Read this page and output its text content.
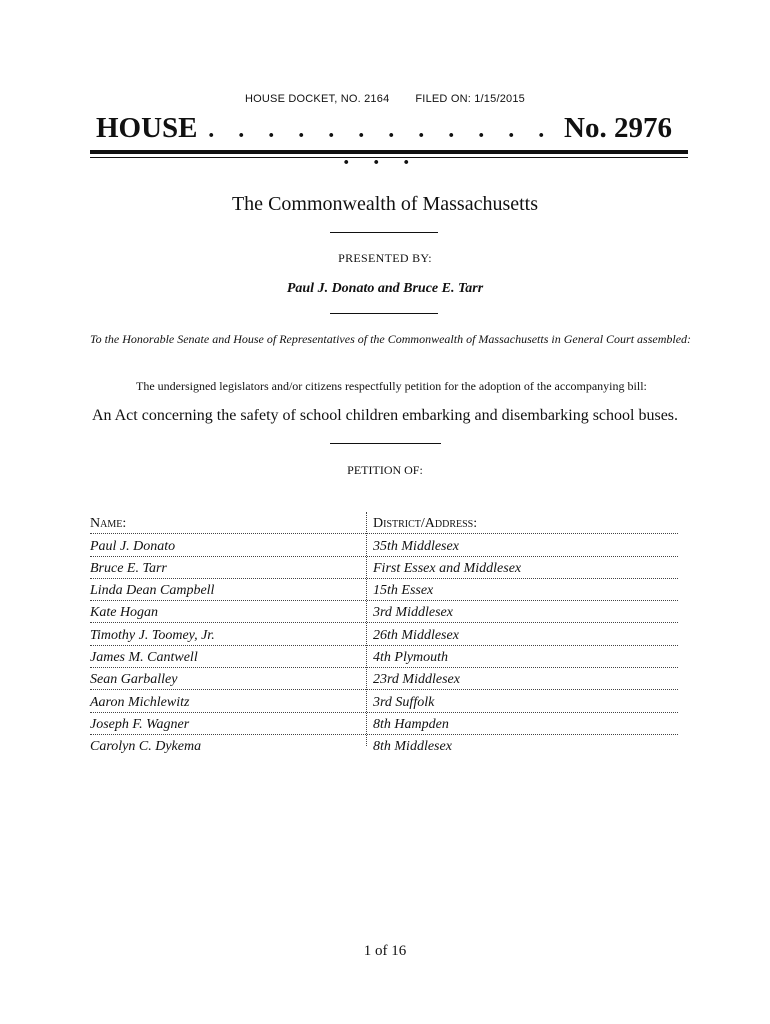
HOUSE DOCKET, NO. 2164 FILED ON: 1/15/2015
HOUSE . . . . . . . . . . . . . . .
No. 2976
The Commonwealth of Massachusetts
PRESENTED BY:
Paul J. Donato and Bruce E. Tarr
To the Honorable Senate and House of Representatives of the Commonwealth of Massachusetts in General Court assembled:
The undersigned legislators and/or citizens respectfully petition for the adoption of the accompanying bill:
An Act concerning the safety of school children embarking and disembarking school buses.
PETITION OF:
Name:	District/Address:
Paul J. Donato	35th Middlesex
Bruce E. Tarr	First Essex and Middlesex
Linda Dean Campbell	15th Essex
Kate Hogan	3rd Middlesex
Timothy J. Toomey, Jr.	26th Middlesex
James M. Cantwell	4th Plymouth
Sean Garballey	23rd Middlesex
Aaron Michlewitz	3rd Suffolk
Joseph F. Wagner	8th Hampden
Carolyn C. Dykema	8th Middlesex
1 of 16
